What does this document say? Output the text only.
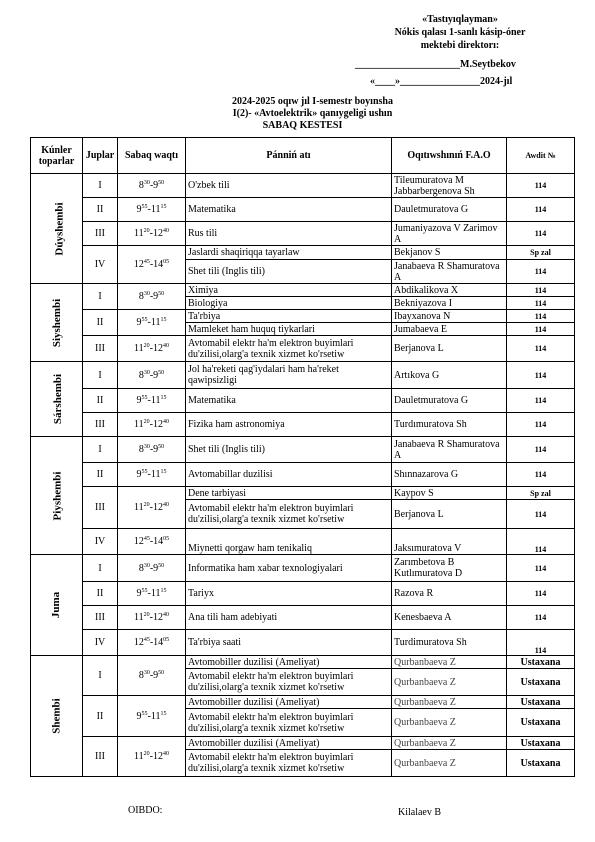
«Tastıyıqlayman»
Nókis qalası 1-sanlı kásip-óner
mektebi direktorı:
_____________________M.Seytbekov
«____»________________2024-jıl
2024-2025 oqıw jıl I-semestr boyınsha
I(2)- «Avtoelektrik» qanıygeligi ushın
SABAQ KESTESI
Kúnler toparlar	Juplar	Sabaq waqtı	Pánniń atı	Oqıtıwshınıń F.A.O	Awdit №
Dúyshembi	I	$8^{30}-9^{50}$	O'zbek tili	Tileumuratova M Jabbarbergenova Sh	114
	II	$9^{55}-11^{15}$	Matematika	Dauletmuratova G	114
	III	$11^{20}-12^{40}$	Rus tili	Jumaniyazova V Zarimov A	114
	IV	$12^{45}-14^{05}$	Jaslardi shaqiriqqa tayarlaw	Bekjanov S	Sp zal
			Shet tili (Inglis tili)	Janabaeva R Shamuratova A	114
Siyshembi	I	$8^{30}-9^{50}$	Ximiya	Abdikalikova X	114
			Biologiya	Bekniyazova I	114
	II	$9^{55}-11^{15}$	Ta'rbiya	Ibayxanova N	114
			Mamleket ham huquq tiykarlari	Jumabaeva E	114
	III	$11^{20}-12^{40}$	Avtomabil elektr ha'm elektron buyimlari du'zilisi,olarg'a texnik xizmet ko'rsetiw	Berjanova L	114
Sárshembi	I	$8^{30}-9^{50}$	Jol ha'reketi qag'iydalari ham ha'reket qawipsizligi	Artıkova G	114
	II	$9^{55}-11^{15}$	Matematika	Dauletmuratova G	114
	III	$11^{20}-12^{40}$	Fizika ham astronomiya	Turdımuratova Sh	114
Piyshembi	I	$8^{30}-9^{50}$	Shet tili (Inglis tili)	Janabaeva R Shamuratova A	114
	II	$9^{55}-11^{15}$	Avtomabillar duzilisi	Shınnazarova G	114
	III	$11^{20}-12^{40}$	Dene tarbiyasi	Kaypov S	Sp zal
			Avtomabil elektr ha'm elektron buyimlari du'zilisi,olarg'a texnik xizmet ko'rsetiw	Berjanova L	114
	IV	$12^{45}-14^{05}$	Miynetti qorgaw ham tenikaliq	Jaksımuratova V	114
Juma	I	$8^{30}-9^{50}$	Informatika ham xabar texnologiyalari	Zarımbetova B Kutlımuratova D	114
	II	$9^{55}-11^{15}$	Tariyx	Razova R	114
	III	$11^{20}-12^{40}$	Ana tili ham adebiyati	Kenesbaeva A	114
	IV	$12^{45}-14^{05}$	Ta'rbiya saati	Turdimuratova Sh	114
Shembi	I	$8^{30}-9^{50}$	Avtomobiller duzilisi (Ameliyat)	Qurbanbaeva Z	Ustaxana
			Avtomabil elektr ha'm elektron buyimlari du'zilisi,olarg'a texnik xizmet ko'rsetiw	Qurbanbaeva Z	Ustaxana
	II	$9^{55}-11^{15}$	Avtomobiller duzilisi (Ameliyat)	Qurbanbaeva Z	Ustaxana
			Avtomabil elektr ha'm elektron buyimlari du'zilisi,olarg'a texnik xizmet ko'rsetiw	Qurbanbaeva Z	Ustaxana
	III	$11^{20}-12^{40}$	Avtomobiller duzilisi (Ameliyat)	Qurbanbaeva Z	Ustaxana
			Avtomabil elektr ha'm elektron buyimlari du'zilisi,olarg'a texnik xizmet ko'rsetiw	Qurbanbaeva Z	Ustaxana
OIBDO:	Kilalaev B
